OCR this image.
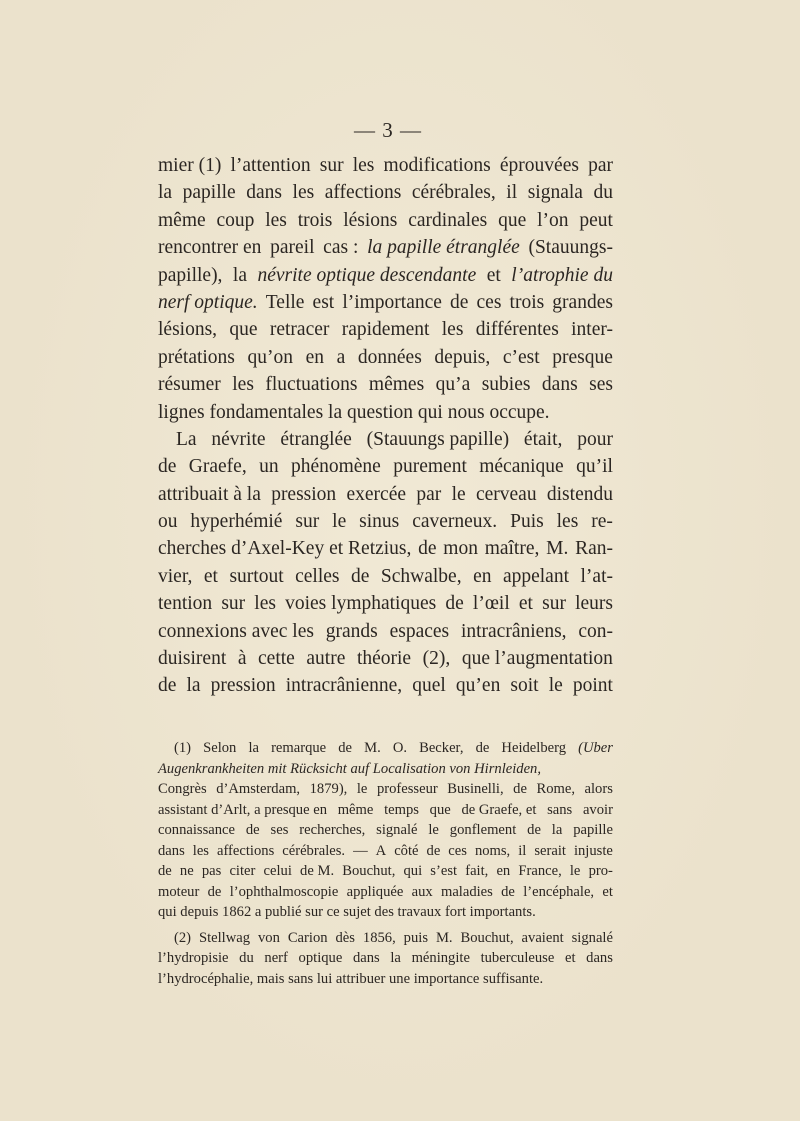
— 3 —
mier (1) l’attention sur les modifications éprouvées par
la papille dans les affections cérébrales, il signala du
même coup les trois lésions cardinales que l’on peut
rencontrer en pareil cas : la papille étranglée (Stauungs-
papille), la névrite optique descendante et l’atrophie du
nerf optique. Telle est l’importance de ces trois grandes
lésions, que retracer rapidement les différentes inter-
prétations qu’on en a données depuis, c’est presque
résumer les fluctuations mêmes qu’a subies dans ses
lignes fondamentales la question qui nous occupe.
La névrite étranglée (Stauungs papille) était, pour
de Graefe, un phénomène purement mécanique qu’il
attribuait à la pression exercée par le cerveau distendu
ou hyperhémié sur le sinus caverneux. Puis les re-
cherches d’Axel-Key et Retzius, de mon maître, M. Ran-
vier, et surtout celles de Schwalbe, en appelant l’at-
tention sur les voies lymphatiques de l’œil et sur leurs
connexions avec les grands espaces intracrâniens, con-
duisirent à cette autre théorie (2), que l’augmentation
de la pression intracrânienne, quel qu’en soit le point
(1) Selon la remarque de M. O. Becker, de Heidelberg (Uber
Augenkrankheiten mit Rücksicht auf Localisation von Hirnleiden,
Congrès d’Amsterdam, 1879), le professeur Businelli, de Rome, alors
assistant d’Arlt, a presque en même temps que de Graefe, et sans avoir
connaissance de ses recherches, signalé le gonflement de la papille
dans les affections cérébrales. — A côté de ces noms, il serait injuste
de ne pas citer celui de M. Bouchut, qui s’est fait, en France, le pro-
moteur de l’ophthalmoscopie appliquée aux maladies de l’encéphale, et
qui depuis 1862 a publié sur ce sujet des travaux fort importants.
(2) Stellwag von Carion dès 1856, puis M. Bouchut, avaient signalé
l’hydropisie du nerf optique dans la méningite tuberculeuse et dans
l’hydrocéphalie, mais sans lui attribuer une importance suffisante.
